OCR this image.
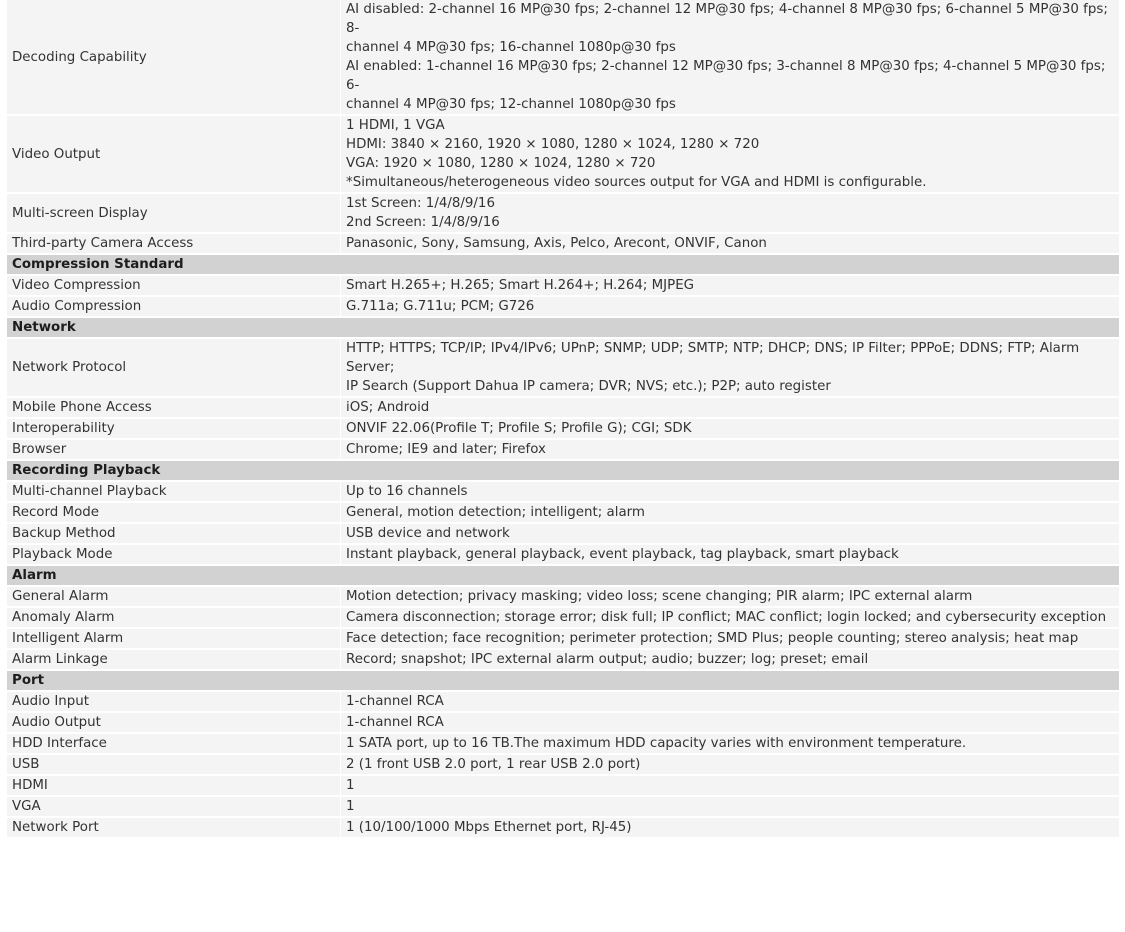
Decoding Capability	AI disabled: 2-channel 16 MP@30 fps; 2-channel 12 MP@30 fps; 4-channel 8 MP@30 fps; 6-channel 5 MP@30 fps; 8-
channel 4 MP@30 fps; 16-channel 1080p@30 fps
AI enabled: 1-channel 16 MP@30 fps; 2-channel 12 MP@30 fps; 3-channel 8 MP@30 fps; 4-channel 5 MP@30 fps; 6-
channel 4 MP@30 fps; 12-channel 1080p@30 fps

Video Output	1 HDMI, 1 VGA
HDMI: 3840 × 2160, 1920 × 1080, 1280 × 1024, 1280 × 720
VGA: 1920 × 1080, 1280 × 1024, 1280 × 720
*Simultaneous/heterogeneous video sources output for VGA and HDMI is configurable.

Multi-screen Display	1st Screen: 1/4/8/9/16
2nd Screen: 1/4/8/9/16

Third-party Camera Access	Panasonic, Sony, Samsung, Axis, Pelco, Arecont, ONVIF, Canon

Compression Standard	
Video Compression	Smart H.265+; H.265; Smart H.264+; H.264; MJPEG

Audio Compression	G.711a; G.711u; PCM; G726

Network	
Network Protocol	HTTP; HTTPS; TCP/IP; IPv4/IPv6; UPnP; SNMP; UDP; SMTP; NTP; DHCP; DNS; IP Filter; PPPoE; DDNS; FTP; Alarm Server;
IP Search (Support Dahua IP camera; DVR; NVS; etc.); P2P; auto register

Mobile Phone Access	iOS; Android

Interoperability	ONVIF 22.06(Profile T; Profile S; Profile G); CGI; SDK

Browser	Chrome; IE9 and later; Firefox

Recording Playback	
Multi-channel Playback	Up to 16 channels

Record Mode	General, motion detection; intelligent; alarm

Backup Method	USB device and network

Playback Mode	Instant playback, general playback, event playback, tag playback, smart playback

Alarm	
General Alarm	Motion detection; privacy masking; video loss; scene changing; PIR alarm; IPC external alarm

Anomaly Alarm	Camera disconnection; storage error; disk full; IP conflict; MAC conflict; login locked; and cybersecurity exception

Intelligent Alarm	Face detection; face recognition; perimeter protection; SMD Plus; people counting; stereo analysis; heat map

Alarm Linkage	Record; snapshot; IPC external alarm output; audio; buzzer; log; preset; email

Port	
Audio Input	1-channel RCA

Audio Output	1-channel RCA

HDD Interface	1 SATA port, up to 16 TB.The maximum HDD capacity varies with environment temperature.

USB	2 (1 front USB 2.0 port, 1 rear USB 2.0 port)

HDMI	1

VGA	1

Network Port	1 (10/100/1000 Mbps Ethernet port, RJ-45)
